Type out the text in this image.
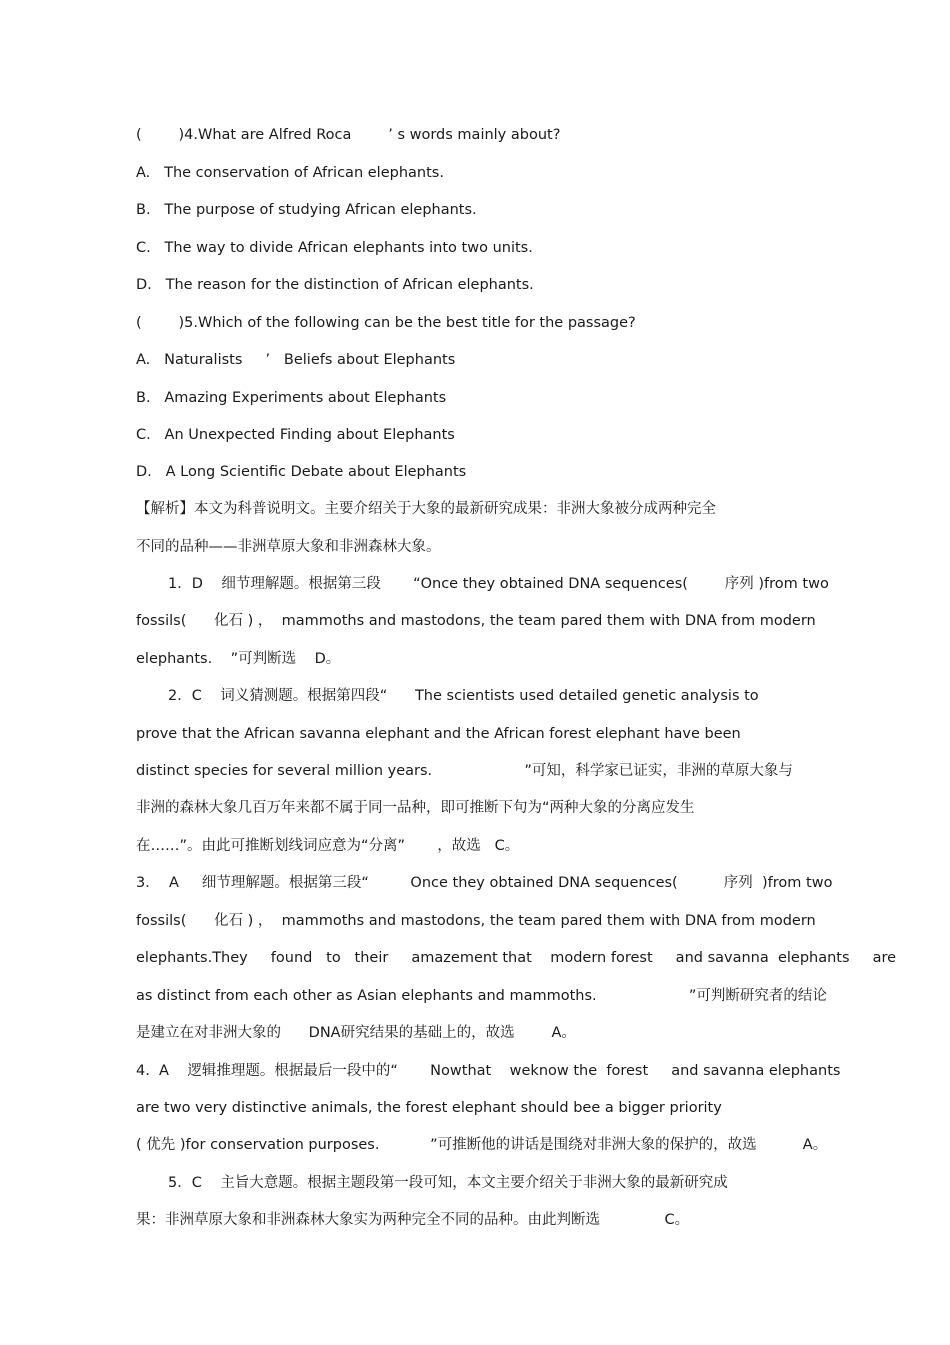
(        )4.What are Alfred Roca        ’ s words mainly about?
A.   The conservation of African elephants.
B.   The purpose of studying African elephants.
C.   The way to divide African elephants into two units.
D.   The reason for the distinction of African elephants.
(        )5.Which of the following can be the best title for the passage?
A.   Naturalists     ’   Beliefs about Elephants
B.   Amazing Experiments about Elephants
C.   An Unexpected Finding about Elephants
D.   A Long Scientific Debate about Elephants
【解析】本文为科普说明文。主要介绍关于大象的最新研究成果：非洲大象被分成两种完全
不同的品种——非洲草原大象和非洲森林大象。
1．D    细节理解题。根据第三段       “Once they obtained DNA sequences(        序列 )from two
fossils(      化石 ) ，  mammoths and mastodons, the team pared them with DNA from modern
elephants.    ”可判断选    D。
2．C    词义猜测题。根据第四段“      The scientists used detailed genetic analysis to
prove that the African savanna elephant and the African forest elephant have been
distinct species for several million years.                    ”可知，科学家已证实，非洲的草原大象与
非洲的森林大象几百万年来都不属于同一品种，即可推断下句为“两种大象的分离应发生
在……”。由此可推断划线词应意为“分离”       ，故选   C。
3．  A     细节理解题。根据第三段“         Once they obtained DNA sequences(          序列  )from two
fossils(      化石 ) ，  mammoths and mastodons, the team pared them with DNA from modern
elephants.They     found   to   their     amazement that    modern forest     and savanna  elephants     are
as distinct from each other as Asian elephants and mammoths.                    ”可判断研究者的结论
是建立在对非洲大象的      DNA研究结果的基础上的，故选        A。
4.  A    逻辑推理题。根据最后一段中的“       Nowthat    weknow the  forest     and savanna elephants
are two very distinctive animals, the forest elephant should bee a bigger priority
( 优先 )for conservation purposes.           ”可推断他的讲话是围绕对非洲大象的保护的，故选          A。
5．C    主旨大意题。根据主题段第一段可知，本文主要介绍关于非洲大象的最新研究成
果：非洲草原大象和非洲森林大象实为两种完全不同的品种。由此判断选              C。
